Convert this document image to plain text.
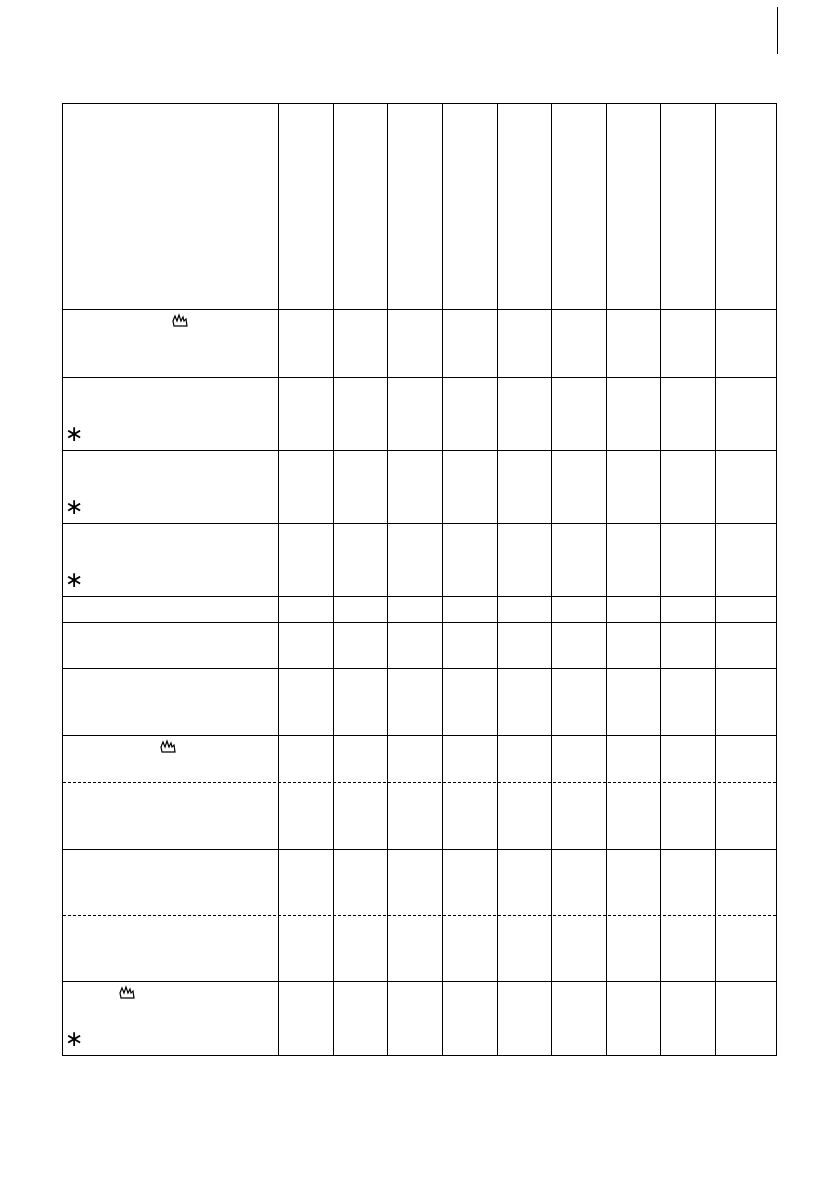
∗
∗
∗
∗
